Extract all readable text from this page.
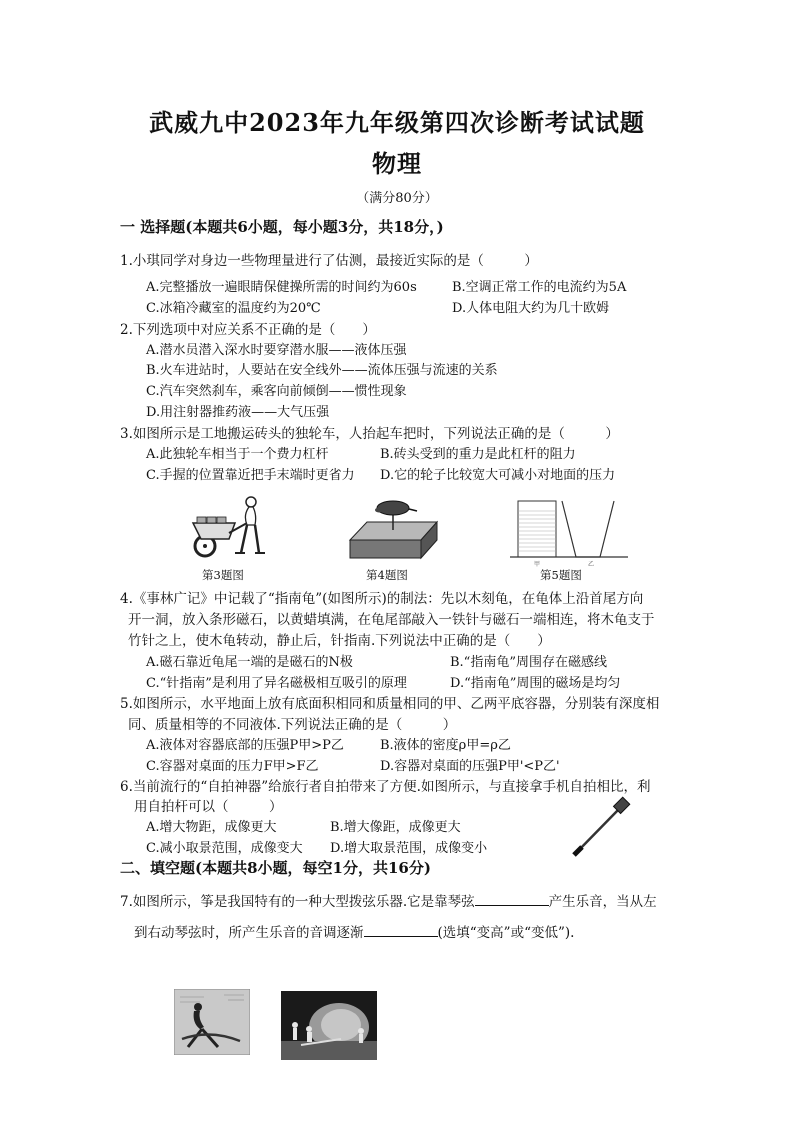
武威九中2023年九年级第四次诊断考试试题
物理
（满分80分）
一 选择题(本题共6小题，每小题3分，共18分，)
1.小琪同学对身边一些物理量进行了估测，最接近实际的是（　　　）
A.完整播放一遍眼睛保健操所需的时间约为60s	B.空调正常工作的电流约为5A
C.冰箱冷藏室的温度约为20℃	D.人体电阻大约为几十欧姆
2.下列选项中对应关系不正确的是（　　）
A.潜水员潜入深水时要穿潜水服——液体压强
B.火车进站时，人要站在安全线外——流体压强与流速的关系
C.汽车突然刹车，乘客向前倾倒——惯性现象
D.用注射器推药液——大气压强
3.如图所示是工地搬运砖头的独轮车，人抬起车把时，下列说法正确的是（　　　）
A.此独轮车相当于一个费力杠杆	B.砖头受到的重力是此杠杆的阻力
C.手握的位置靠近把手末端时更省力 D.它的轮子比较宽大可减小对地面的压力
第3题图	第4题图
甲	乙
第5题图
4.《事林广记》中记载了“指南龟”(如图所示)的制法：先以木刻龟，在龟体上沿首尾方向
开一洞，放入条形磁石，以黄蜡填满，在龟尾部敲入一铁针与磁石一端相连，将木龟支于
竹针之上，使木龟转动，静止后，针指南.下列说法中正确的是（　　）
A.磁石靠近龟尾一端的是磁石的N极	B.“指南龟”周围存在磁感线
C.“针指南”是利用了异名磁极相互吸引的原理	D.“指南龟”周围的磁场是均匀
5.如图所示，水平地面上放有底面积相同和质量相同的甲、乙两平底容器，分别装有深度相
同、质量相等的不同液体.下列说法正确的是（　　　）
A.液体对容器底部的压强P甲>P乙	B.液体的密度ρ甲=ρ乙
C.容器对桌面的压力F甲>F乙	D.容器对桌面的压强P甲'<P乙'
6.当前流行的“自拍神器”给旅行者自拍带来了方便.如图所示，与直接拿手机自拍相比，利
用自拍杆可以（　　　）
A.增大物距，成像更大	B.增大像距，成像更大
C.减小取景范围，成像变大 D.增大取景范围，成像变小
二、填空题(本题共8小题，每空1分，共16分)
7.如图所示，筝是我国特有的一种大型拨弦乐器.它是靠琴弦	产生乐音，当从左
到右动琴弦时，所产生乐音的音调逐渐	(选填“变高”或“变低”).
